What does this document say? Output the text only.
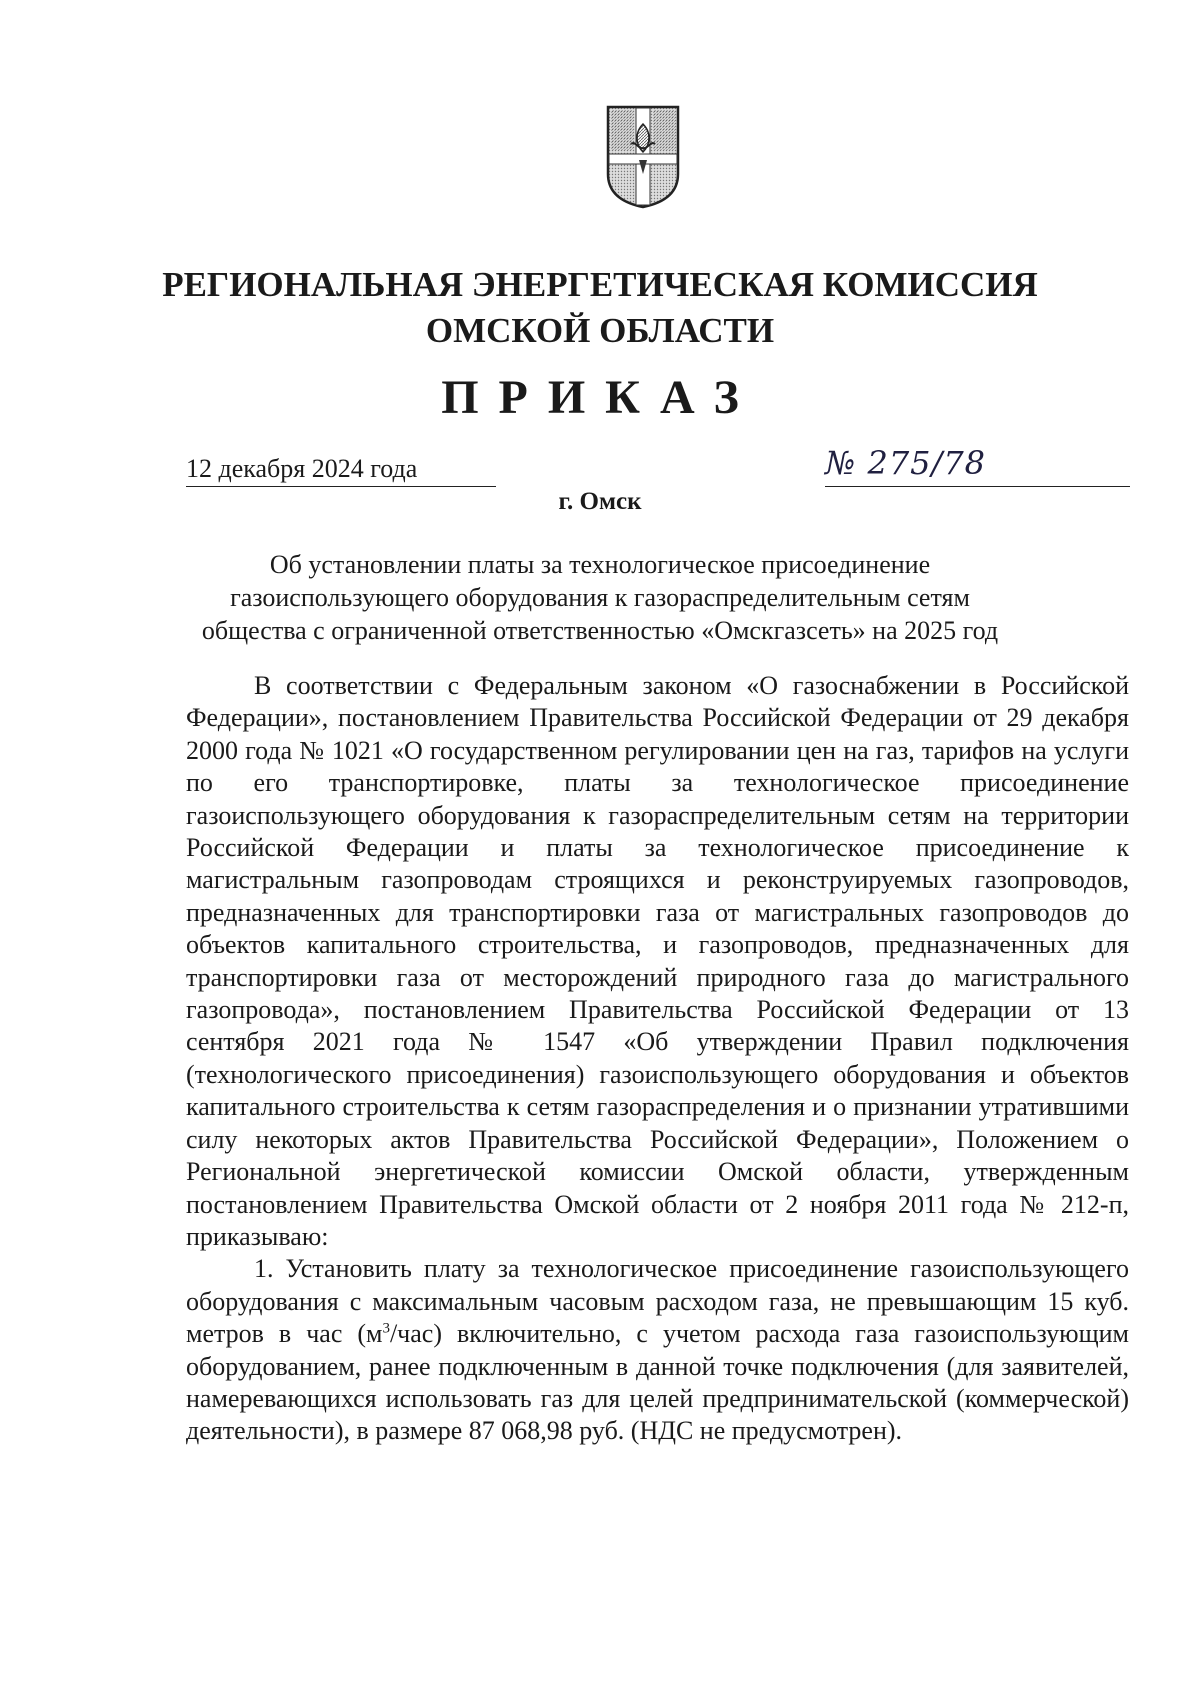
РЕГИОНАЛЬНАЯ ЭНЕРГЕТИЧЕСКАЯ КОМИССИЯ
ОМСКОЙ ОБЛАСТИ
ПРИКАЗ
12 декабря 2024 года	№ 275/78
г. Омск
Об установлении платы за технологическое присоединение
газоиспользующего оборудования к газораспределительным сетям
общества с ограниченной ответственностью «Омскгазсеть» на 2025 год

В соответствии с Федеральным законом «О газоснабжении в Российской Федерации», постановлением Правительства Российской Федерации от 29 декабря 2000 года № 1021 «О государственном регулировании цен на газ, тарифов на услуги по его транспортировке, платы за технологическое присоединение газоиспользующего оборудования к газораспределительным сетям на территории Российской Федерации и платы за технологическое присоединение к магистральным газопроводам строящихся и реконструируемых газопроводов, предназначенных для транспортировки газа от магистральных газопроводов до объектов капитального строительства, и газопроводов, предназначенных для транспортировки газа от месторождений природного газа до магистрального газопровода», постановлением Правительства Российской Федерации от 13 сентября 2021 года № 1547 «Об утверждении Правил подключения (технологического присоединения) газоиспользующего оборудования и объектов капитального строительства к сетям газораспределения и о признании утратившими силу некоторых актов Правительства Российской Федерации», Положением о Региональной энергетической комиссии Омской области, утвержденным постановлением Правительства Омской области от 2 ноября 2011 года № 212-п, приказываю:

1. Установить плату за технологическое присоединение газоиспользующего оборудования с максимальным часовым расходом газа, не превышающим 15 куб. метров в час $(м^3/час)$ включительно, с учетом расхода газа газоиспользующим оборудованием, ранее подключенным в данной точке подключения (для заявителей, намеревающихся использовать газ для целей предпринимательской (коммерческой) деятельности), в размере 87 068,98 руб. (НДС не предусмотрен).
